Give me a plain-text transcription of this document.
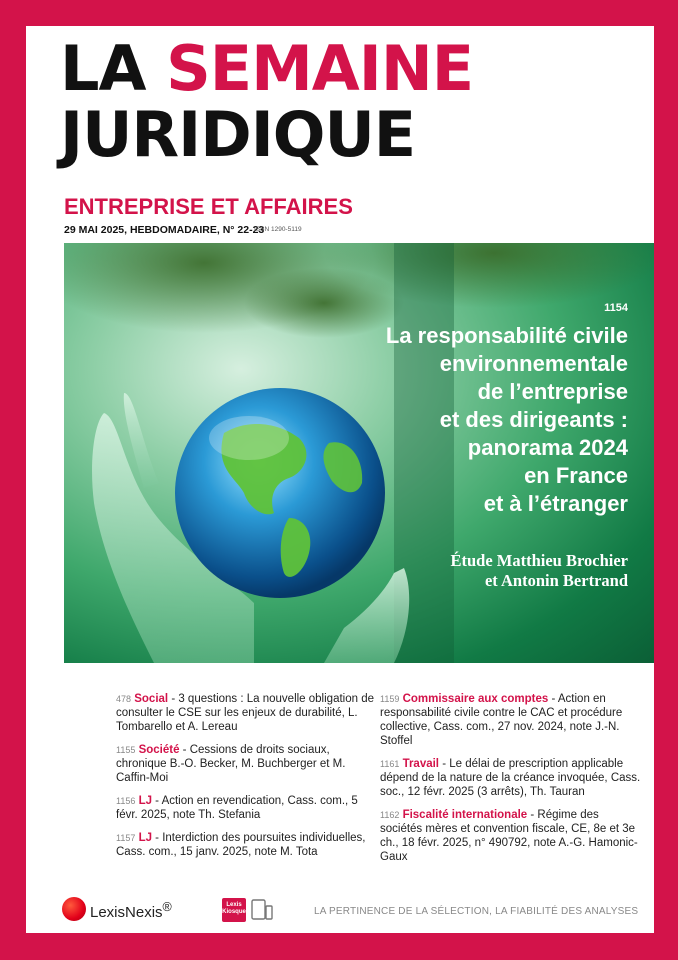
LA SEMAINE
JURIDIQUE
ENTREPRISE ET AFFAIRES
29 MAI 2025, HEBDOMADAIRE, N° 22-23
ISSN 1290-5119
1154
La responsabilité civile
environnementale
de l’entreprise
et des dirigeants :
panorama 2024
en France
et à l’étranger
Étude Matthieu Brochier
et Antonin Bertrand

478 Social - 3 questions : La nouvelle obligation de consulter le CSE sur les enjeux de durabilité, L. Tombarello et A. Lereau

1155 Société - Cessions de droits sociaux, chronique B.-O. Becker, M. Buchberger et M. Caffin-Moi

1156 LJ - Action en revendication, Cass. com., 5 févr. 2025, note Th. Stefania

1157 LJ - Interdiction des poursuites individuelles, Cass. com., 15 janv. 2025, note M. Tota

1159 Commissaire aux comptes - Action en responsabilité civile contre le CAC et procédure collective, Cass. com., 27 nov. 2024, note J.-N. Stoffel

1161 Travail - Le délai de prescription applicable dépend de la nature de la créance invoquée, Cass. soc., 12 févr. 2025 (3 arrêts), Th. Tauran

1162 Fiscalité internationale - Régime des sociétés mères et convention fiscale, CE, 8e et 3e ch., 18 févr. 2025, n° 490792, note A.-G. Hamonic-Gaux

LexisNexis®	Lexis
Kiosque	LA PERTINENCE DE LA SÉLECTION, LA FIABILITÉ DES ANALYSES
